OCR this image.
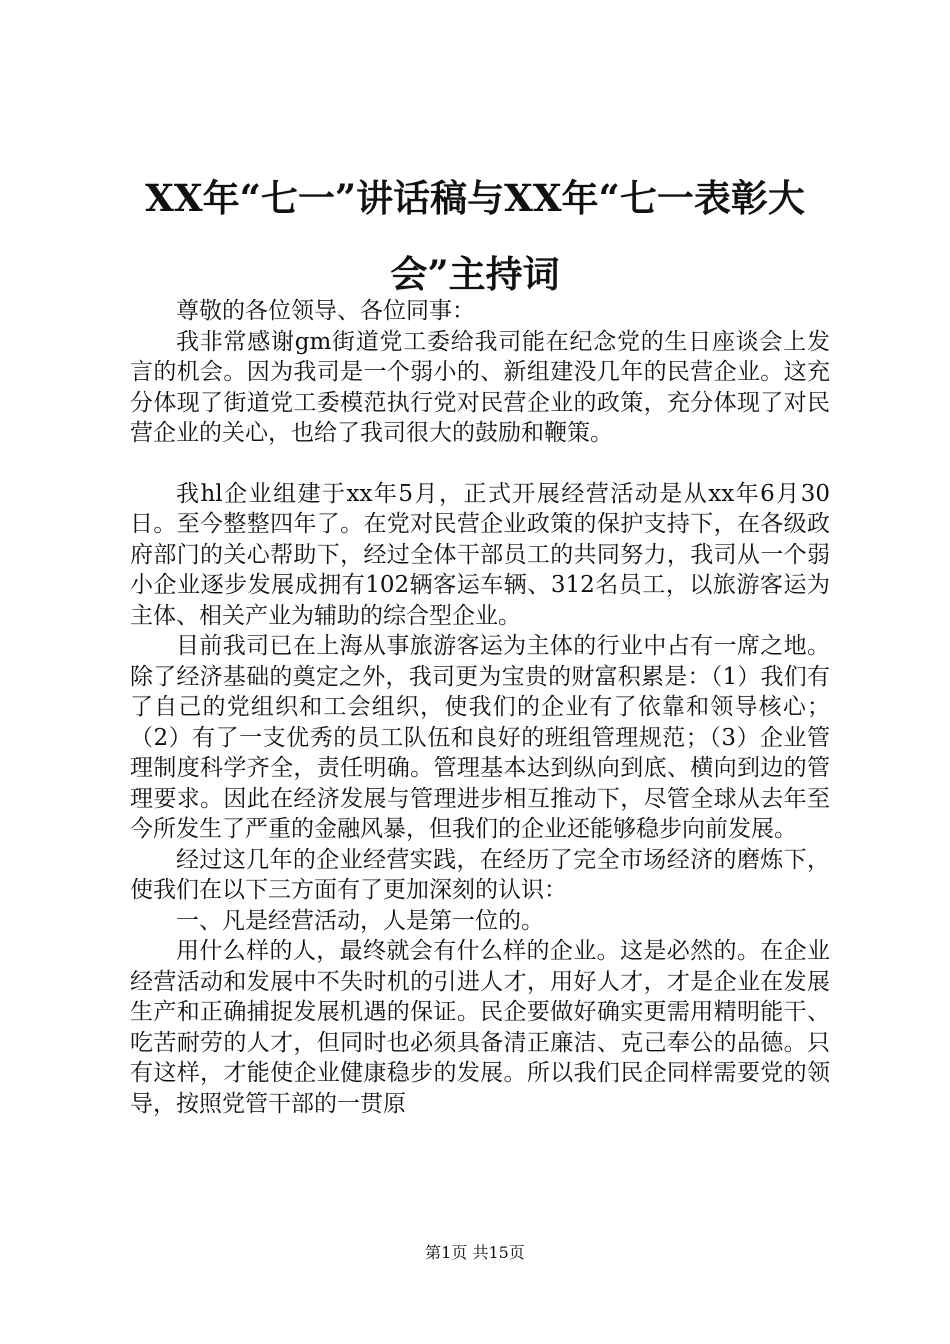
XX年“七一”讲话稿与XX年“七一表彰大会”主持词

尊敬的各位领导、各位同事：

我非常感谢gm街道党工委给我司能在纪念党的生日座谈会上发言的机会。因为我司是一个弱小的、新组建没几年的民营企业。这充分体现了街道党工委模范执行党对民营企业的政策，充分体现了对民营企业的关心，也给了我司很大的鼓励和鞭策。

我hl企业组建于xx年5月，正式开展经营活动是从xx年6月30日。至今整整四年了。在党对民营企业政策的保护支持下，在各级政府部门的关心帮助下，经过全体干部员工的共同努力，我司从一个弱小企业逐步发展成拥有102辆客运车辆、312名员工，以旅游客运为主体、相关产业为辅助的综合型企业。

目前我司已在上海从事旅游客运为主体的行业中占有一席之地。除了经济基础的奠定之外，我司更为宝贵的财富积累是：（1）我们有了自己的党组织和工会组织，使我们的企业有了依靠和领导核心；（2）有了一支优秀的员工队伍和良好的班组管理规范；（3）企业管理制度科学齐全，责任明确。管理基本达到纵向到底、横向到边的管理要求。因此在经济发展与管理进步相互推动下，尽管全球从去年至今所发生了严重的金融风暴，但我们的企业还能够稳步向前发展。

经过这几年的企业经营实践，在经历了完全市场经济的磨炼下，使我们在以下三方面有了更加深刻的认识：

一、凡是经营活动，人是第一位的。

用什么样的人，最终就会有什么样的企业。这是必然的。在企业经营活动和发展中不失时机的引进人才，用好人才，才是企业在发展生产和正确捕捉发展机遇的保证。民企要做好确实更需用精明能干、吃苦耐劳的人才，但同时也必须具备清正廉洁、克己奉公的品德。只有这样，才能使企业健康稳步的发展。所以我们民企同样需要党的领导，按照党管干部的一贯原

第1页 共15页
